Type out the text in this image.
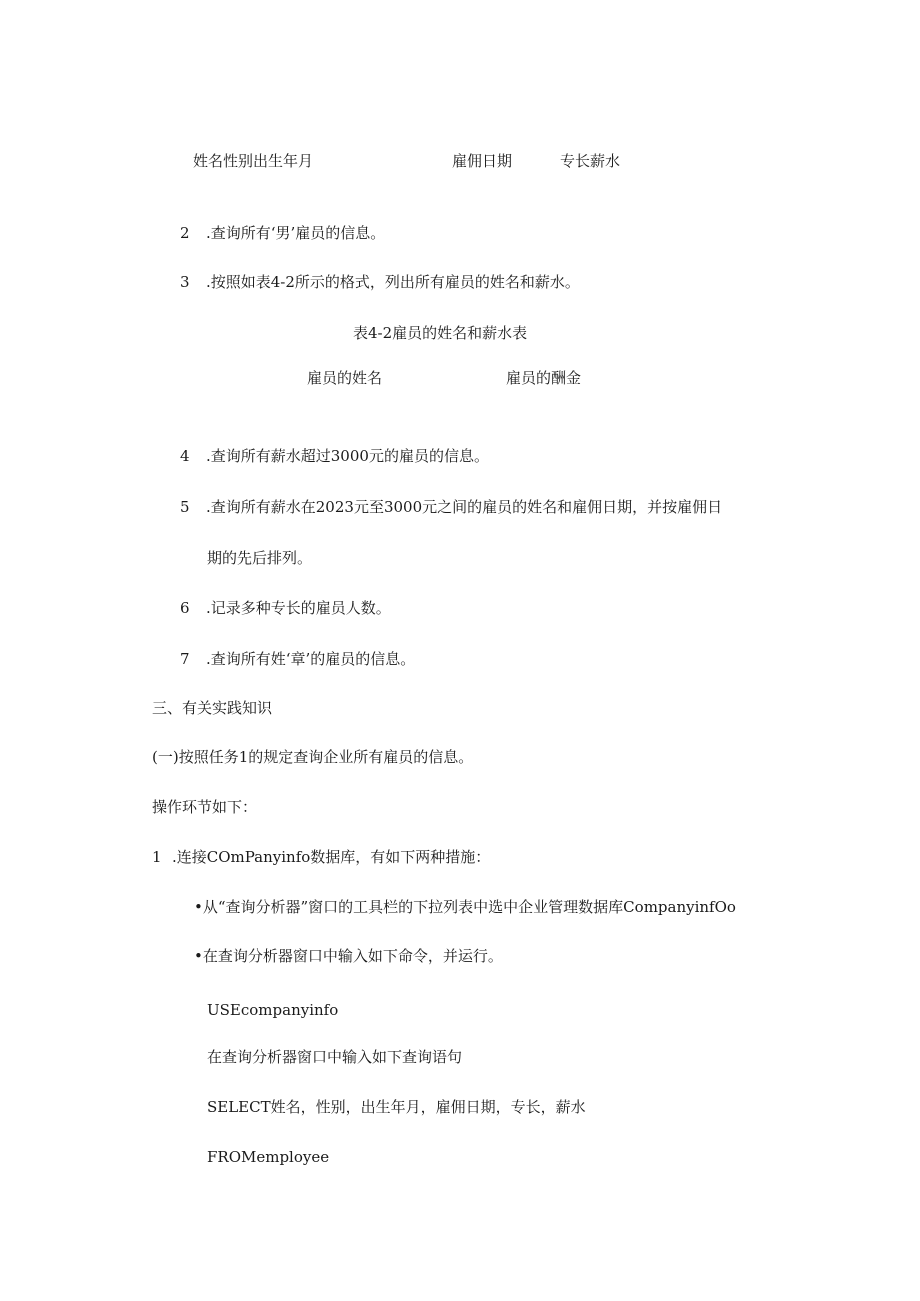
姓名性别出生年月	雇佣日期	专长薪水
2 .查询所有‘男’雇员的信息。
3 .按照如表4-2所示的格式，列出所有雇员的姓名和薪水。
表4-2雇员的姓名和薪水表
雇员的姓名	雇员的酬金
4 .查询所有薪水超过3000元的雇员的信息。
5 .查询所有薪水在2023元至3000元之间的雇员的姓名和雇佣日期，并按雇佣日
期的先后排列。
6 .记录多种专长的雇员人数。
7 .查询所有姓‘章’的雇员的信息。
三、有关实践知识
(一)按照任务1的规定查询企业所有雇员的信息。
操作环节如下：
1 .连接COmPanyinfo数据库，有如下两种措施：
•从“查询分析器”窗口的工具栏的下拉列表中选中企业管理数据库CompanyinfOo
•在查询分析器窗口中输入如下命令，并运行。
USEcompanyinfo
在查询分析器窗口中输入如下查询语句
SELECT姓名，性别，出生年月，雇佣日期，专长，薪水
FROMemployee
